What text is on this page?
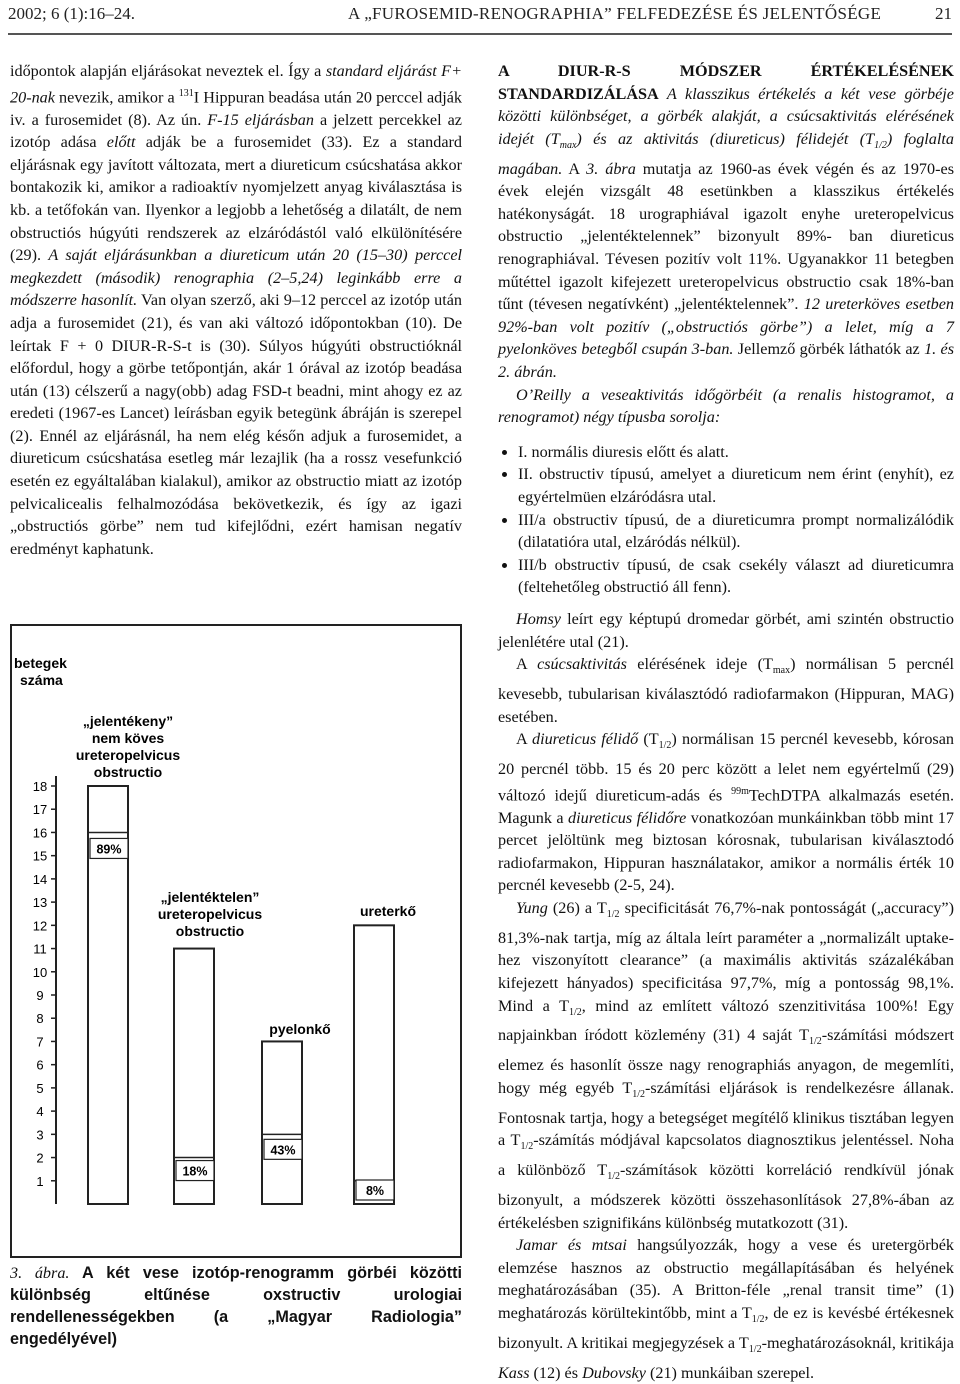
2002; 6 (1):16–24.	A „FUROSEMID-RENOGRAPHIA” FELFEDEZÉSE ÉS JELENTŐSÉGE	21

időpontok alapján eljárásokat neveztek el. Így a standard eljárást F+ 20-nak nevezik, amikor a $^{131}$I Hippuran beadása után 20 perccel adják iv. a furosemidet (8). Az ún. F-15 eljárásban a jelzett percekkel az izotóp adása előtt adják be a furosemidet (33). Ez a standard eljárásnak egy javított változata, mert a diureticum csúcshatása akkor bontakozik ki, amikor a radioaktív nyomjelzett anyag kiválasztása is kb. a tetőfokán van. Ilyenkor a legjobb a lehetőség a dilatált, de nem obstructiós húgyúti rendszerek az elzáródástól való elkülönítésére (29). A saját eljárásunkban a diureticum után 20 (15–30) perccel megkezdett (második) renographia (2–5,24) leginkább erre a módszerre hasonlít. Van olyan szerző, aki 9–12 perccel az izotóp után adja a furosemidet (21), és van aki változó időpontokban (10). De leírtak F + 0 DIUR-R-S-t is (30). Súlyos húgyúti obstructióknál előfordul, hogy a görbe tetőpontján, akár 1 órával az izotóp beadása után (13) célszerű a nagy(obb) adag FSD-t beadni, mint ahogy ez az eredeti (1967-es Lancet) leírásban egyik betegünk ábráján is szerepel (2). Ennél az eljárásnál, ha nem elég későn adjuk a furosemidet, a diureticum csúcshatása esetleg már lezajlik (ha a rossz vesefunkció esetén ez egyáltalában kialakul), amikor az obstructio miatt az izotóp pelvicalicealis felhalmozódása bekövetkezik, és így az igazi „obstructiós görbe” nem tud kifejlődni, ezért hamisan negatív eredményt kaphatunk.

A DIUR-R-S MÓDSZER ÉRTÉKELÉSÉNEK STANDARDIZÁLÁSA A klasszikus értékelés a két vese görbéje közötti különbséget, a görbék alakját, a csúcsaktivitás elérésének idejét $(T_{max})$ és az aktivitás (diureticus) félidejét $(T_{1/2})$ foglalta magában. A 3. ábra mutatja az 1960-as évek végén és az 1970-es évek elején vizsgált 48 esetünkben a klasszikus értékelés hatékonyságát. 18 urographiával igazolt enyhe ureteropelvicus obstructio „jelentéktelennek” bizonyult 89%- ban diureticus renographiával. Tévesen pozitív volt 11%. Ugyanakkor 11 betegben műtéttel igazolt kifejezett ureteropelvicus obstructio csak 18%-ban tűnt (tévesen negatívként) „jelentéktelennek”. 12 ureterköves esetben 92%-ban volt pozitív („obstructiós görbe”) a lelet, míg a 7 pyelonköves betegből csupán 3-ban. Jellemző görbék láthatók az 1. és 2. ábrán.

O’Reilly a veseaktivitás időgörbéit (a renalis histogramot, a renogramot) négy típusba sorolja:

• I. normális diuresis előtt és alatt.
• II. obstructiv típusú, amelyet a diureticum nem érint (enyhít), ez egyértelmüen elzáródásra utal.
• III/a obstructiv típusú, de a diureticumra prompt normalizálódik (dilatatióra utal, elzáródás nélkül).
• III/b obstructiv típusú, de csak csekély választ ad diureticumra (feltehetőleg obstructió áll fenn).

Homsy leírt egy képtupú dromedar görbét, ami szintén obstructio jelenlétére utal (21).

A csúcsaktivitás elérésének ideje $(T_{max})$ normálisan 5 percnél kevesebb, tubularisan kiválasztódó radiofarmakon (Hippuran, MAG) esetében.

A diureticus félidő $(T_{1/2})$ normálisan 15 percnél kevesebb, kórosan 20 percnél több. 15 és 20 perc között a lelet nem egyértelmű (29) változó idejű diureticum-adás és $^{99m}$TechDTPA alkalmazás esetén. Magunk a diureticus félidőre vonatkozóan munkáinkban több mint 17 percet jelöltünk meg biztosan kórosnak, tubularisan kiválasztodó radiofarmakon, Hippuran használatakor, amikor a normális érték 10 percnél kevesebb (2-5, 24).

Yung (26) a $T_{1/2}$ specificitását 76,7%-nak pontosságát („accuracy”) 81,3%-nak tartja, míg az általa leírt paraméter a „normalizált uptake-hez viszonyított clearance” (a maximális aktivitás százalékában kifejezett hányados) specificitása 97,7%, míg a pontosság 98,1%. Mind a $T_{1/2}$, mind az említett változó szenzitivitása 100%! Egy napjainkban íródott közlemény (31) 4 saját $T_{1/2}$-számítási módszert elemez és hasonlít össze nagy renographiás anyagon, de megemlíti, hogy még egyéb $T_{1/2}$-számítási eljárások is rendelkezésre állanak. Fontosnak tartja, hogy a betegséget megítélő klinikus tisztában legyen a $T_{1/2}$-számítás módjával kapcsolatos diagnosztikus jelentéssel. Noha a különböző $T_{1/2}$-számítások közötti korreláció rendkívül jónak bizonyult, a módszerek közötti összehasonlítások 27,8%-ában az értékelésben szignifikáns különbség mutatkozott (31).

Jamar és mtsai hangsúlyozzák, hogy a vese és uretergörbék elemzése hasznos az obstructio megállapításában és helyének meghatározásában (35). A Britton-féle „renal transit time” (1) meghatározás körültekintőbb, mint a $T_{1/2}$, de ez is kevésbé értékesnek bizonyult. A kritikai megjegyzések a $T_{1/2}$-meghatározásoknál, kritikája Kass (12) és Dubovsky (21) munkáiban szerepel.

betegek
száma
1
2
3
4
5
6
7
8
9
10
11
12
13
14
15
16
17
18
89%
18%
43%
8%
„jelentékeny”
nem köves
ureteropelvicus
obstructio
„jelentéktelen”
ureteropelvicus
obstructio
pyelonkő
ureterkő
3. ábra. A két vese izotóp-renogramm görbéi közötti különbség eltűnése oxstructiv urologiai rendellenességekben (a „Magyar Radiologia” engedélyével)
